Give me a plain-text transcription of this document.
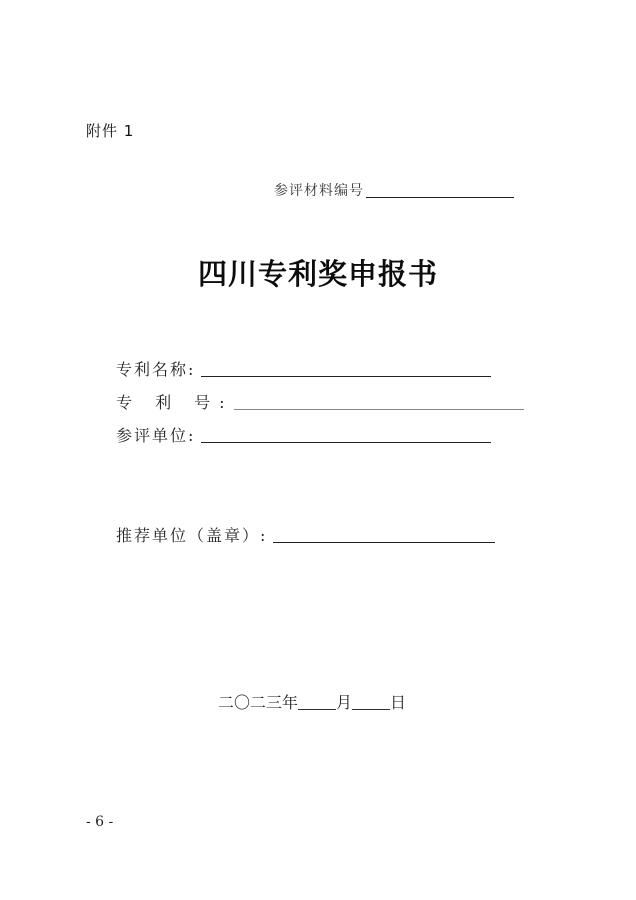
附件 1
参评材料编号
四川专利奖申报书
专利名称:
专 利 号:
参评单位:
推荐单位（盖章）:
二〇二三年 月 日
- 6 -
